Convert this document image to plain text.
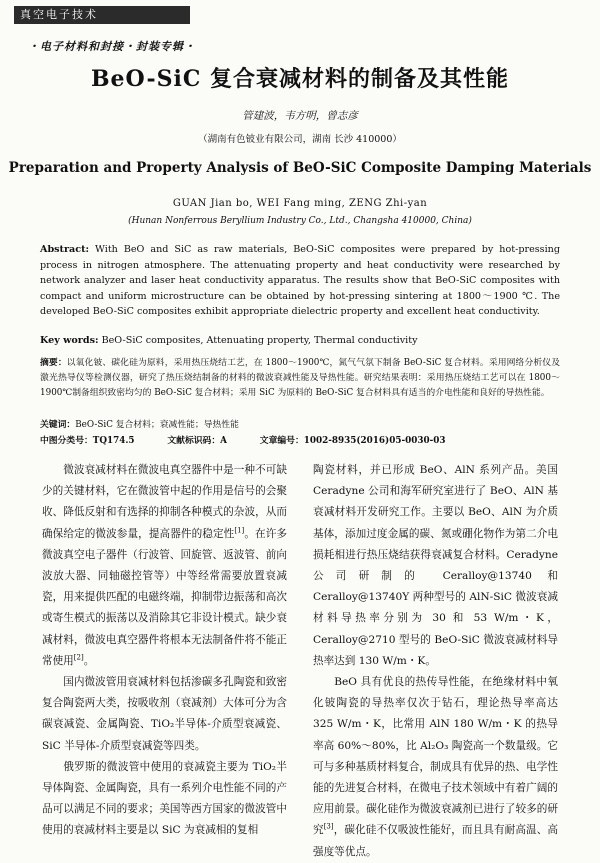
真空电子技术
・电子材料和封接・封装专辑・
BeO-SiC 复合衰减材料的制备及其性能
管建波，韦方明，曾志彦
（湖南有色铍业有限公司，湖南 长沙 410000）
Preparation and Property Analysis of BeO-SiC Composite Damping Materials
GUAN Jian bo, WEI Fang ming, ZENG Zhi-yan
(Hunan Nonferrous Beryllium Industry Co., Ltd., Changsha 410000, China)
Abstract: With BeO and SiC as raw materials, BeO-SiC composites were prepared by hot-pressing process in nitrogen atmosphere. The attenuating property and heat conductivity were researched by network analyzer and laser heat conductivity apparatus. The results show that BeO-SiC composites with compact and uniform microstructure can be obtained by hot-pressing sintering at 1800～1900 ℃. The developed BeO-SiC composites exhibit appropriate dielectric property and excellent heat conductivity.
Key words: BeO-SiC composites, Attenuating property, Thermal conductivity
摘要：以氧化铍、碳化硅为原料，采用热压烧结工艺，在 1800～1900℃，氮气气氛下制备 BeO-SiC 复合材料。采用网络分析仪及激光热导仪等检测仪器，研究了热压烧结制备的材料的微波衰减性能及导热性能。研究结果表明：采用热压烧结工艺可以在 1800～1900℃制备组织致密均匀的 BeO-SiC 复合材料；采用 SiC 为原料的 BeO-SiC 复合材料具有适当的介电性能和良好的导热性能。
关键词：BeO-SiC 复合材料；衰减性能；导热性能
中图分类号：TQ174.5	文献标识码：A	文章编号：1002-8935(2016)05-0030-03

微波衰减材料在微波电真空器件中是一种不可缺少的关键材料，它在微波管中起的作用是信号的会聚收、降低反射和有选择的抑制各种模式的杂波，从而确保给定的微波参量，提高器件的稳定性[1]。在许多微波真空电子器件（行波管、回旋管、返波管、前向波放大器、同轴磁控管等）中等经常需要放置衰减瓷，用来提供匹配的电磁终端，抑制带边振荡和高次或寄生模式的振荡以及消除其它非设计模式。缺少衰减材料，微波电真空器件将根本无法制备件将不能正常使用[2]。

国内微波管用衰减材料包括渗碳多孔陶瓷和致密复合陶瓷两大类，按吸收剂（衰减剂）大体可分为含碳衰减瓷、金属陶瓷、TiO₂半导体-介质型衰减瓷、SiC 半导体-介质型衰减瓷等四类。

俄罗斯的微波管中使用的衰减瓷主要为 TiO₂半导体陶瓷、金属陶瓷，具有一系列介电性能不同的产品可以满足不同的要求；美国等西方国家的微波管中使用的衰减材料主要是以 SiC 为衰减相的复相

陶瓷材料，并已形成 BeO、AlN 系列产品。美国 Ceradyne 公司和海军研究室进行了 BeO、AlN 基衰减材料开发研究工作。主要以 BeO、AlN 为介质基体，添加过度金属的碳、氮或硼化物作为第二介电损耗相进行热压烧结获得衰减复合材料。Ceradyne 公司研制的 Ceralloy@13740 和 Ceralloy@13740Y 两种型号的 AlN-SiC 微波衰减材料导热率分别为 30 和 53 W/m・K，Ceralloy@2710 型号的 BeO-SiC 微波衰减材料导热率达到 130 W/m・K。

BeO 具有优良的热传导性能，在绝缘材料中氧化铍陶瓷的导热率仅次于钻石，理论热导率高达 325 W/m・K，比常用 AlN 180 W/m・K 的热导率高 60%～80%，比 Al₂O₃ 陶瓷高一个数量级。它可与多种基质材料复合，制成具有优异的热、电学性能的先进复合材料，在微电子技术领域中有着广阔的应用前景。碳化硅作为微波衰减剂已进行了较多的研究[3]，碳化硅不仅吸波性能好，而且具有耐高温、高强度等优点。
